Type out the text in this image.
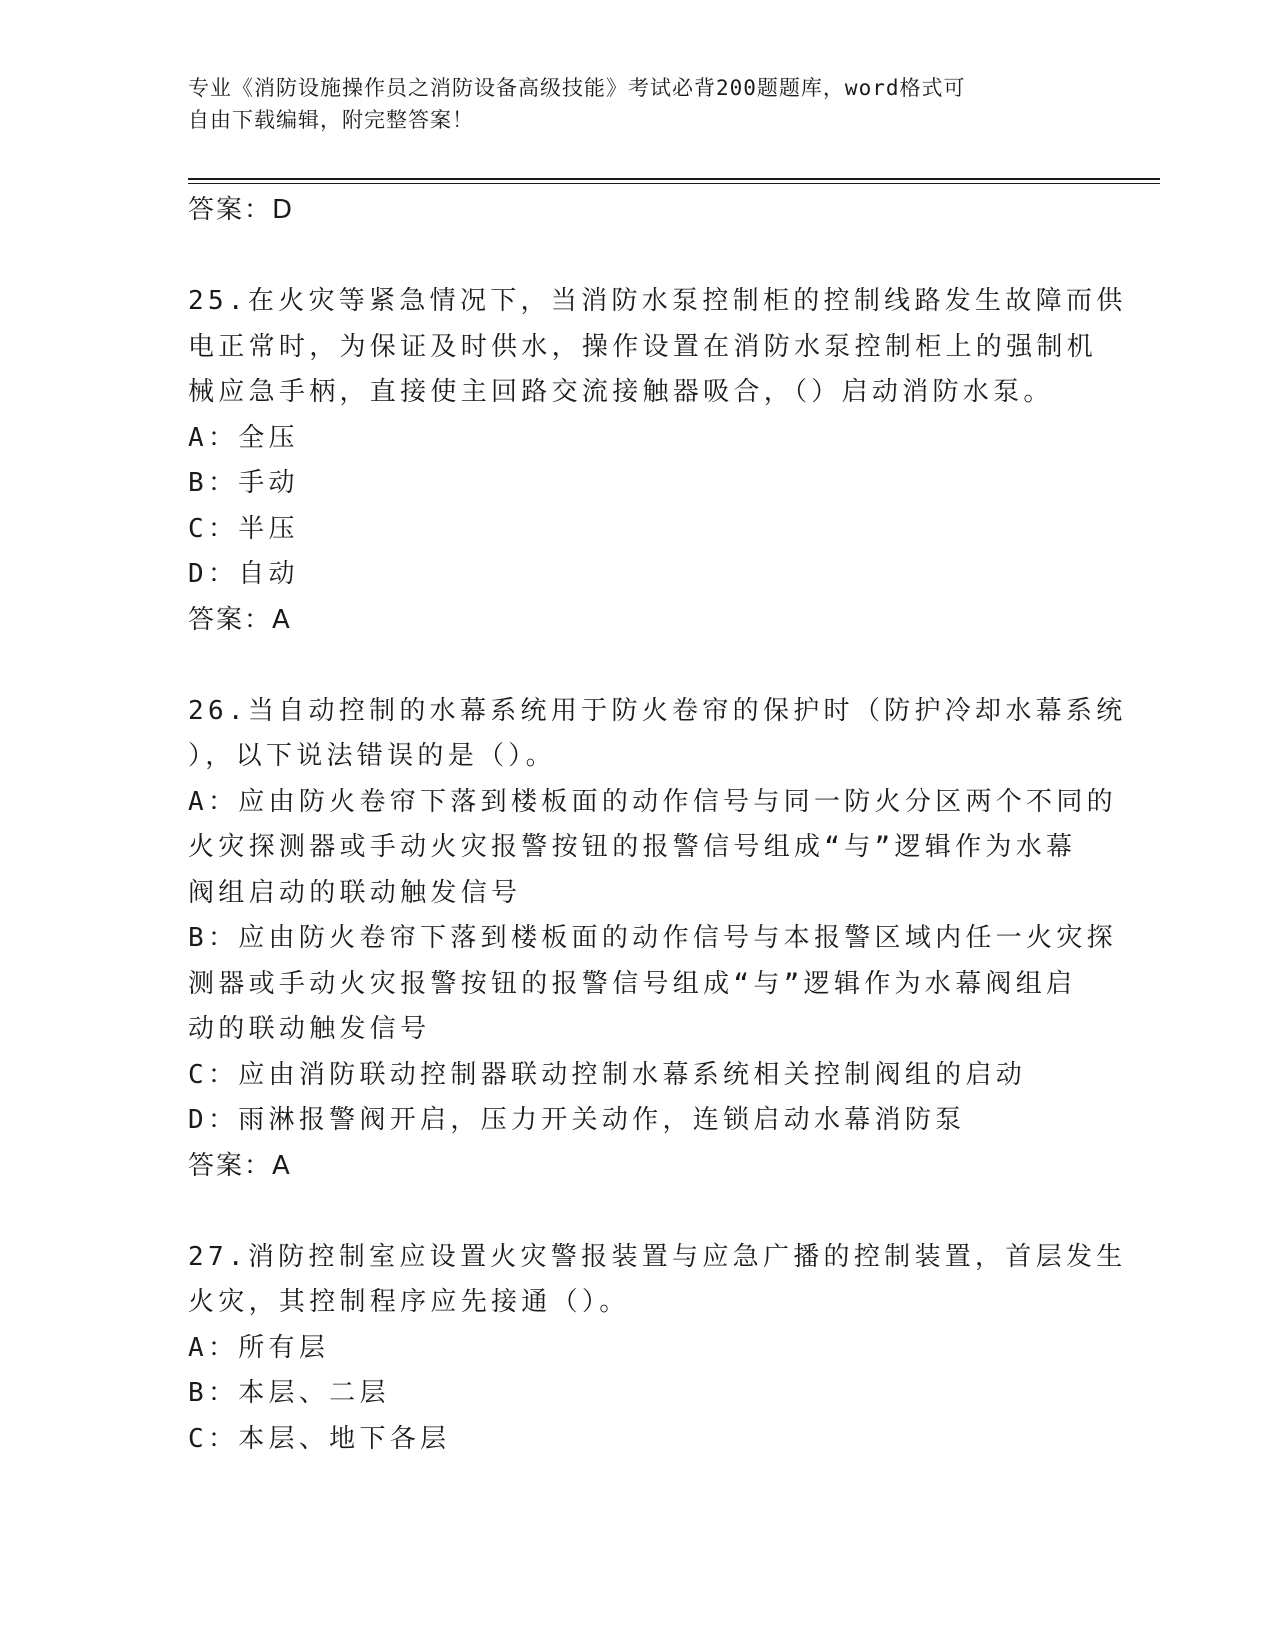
专业《消防设施操作员之消防设备高级技能》考试必背200题题库，word格式可
自由下载编辑，附完整答案！
答案：D
25.在火灾等紧急情况下，当消防水泵控制柜的控制线路发生故障而供
电正常时，为保证及时供水，操作设置在消防水泵控制柜上的强制机
械应急手柄，直接使主回路交流接触器吸合，（）启动消防水泵。
A：全压
B：手动
C：半压
D：自动
答案：A
26.当自动控制的水幕系统用于防火卷帘的保护时（防护冷却水幕系统
），以下说法错误的是（）。
A：应由防火卷帘下落到楼板面的动作信号与同一防火分区两个不同的
火灾探测器或手动火灾报警按钮的报警信号组成“与”逻辑作为水幕
阀组启动的联动触发信号
B：应由防火卷帘下落到楼板面的动作信号与本报警区域内任一火灾探
测器或手动火灾报警按钮的报警信号组成“与”逻辑作为水幕阀组启
动的联动触发信号
C：应由消防联动控制器联动控制水幕系统相关控制阀组的启动
D：雨淋报警阀开启，压力开关动作，连锁启动水幕消防泵
答案：A
27.消防控制室应设置火灾警报装置与应急广播的控制装置，首层发生
火灾，其控制程序应先接通（）。
A：所有层
B：本层、二层
C：本层、地下各层
